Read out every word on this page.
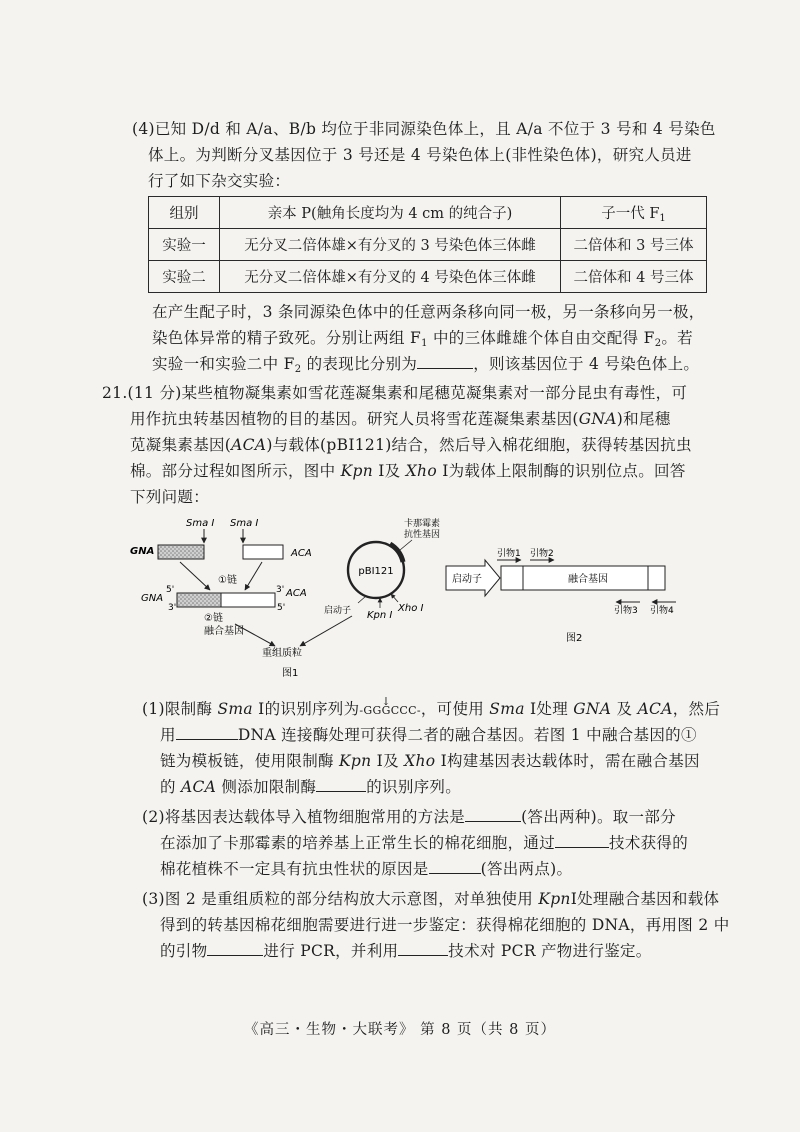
(4)已知 D/d 和 A/a、B/b 均位于非同源染色体上，且 A/a 不位于 3 号和 4 号染色
体上。为判断分叉基因位于 3 号还是 4 号染色体上(非性染色体)，研究人员进
行了如下杂交实验：
组别	亲本 P(触角长度均为 4 cm 的纯合子)	子一代 $F_1$
实验一	无分叉二倍体雄×有分叉的 3 号染色体三体雌	二倍体和 3 号三体
实验二	无分叉二倍体雄×有分叉的 4 号染色体三体雌	二倍体和 4 号三体
在产生配子时，3 条同源染色体中的任意两条移向同一极，另一条移向另一极，
染色体异常的精子致死。分别让两组 $F_1$ 中的三体雌雄个体自由交配得 $F_2$。若
实验一和实验二中 $F_2$ 的表现比分别为	，则该基因位于 4 号染色体上。
21.(11 分)某些植物凝集素如雪花莲凝集素和尾穗苋凝集素对一部分昆虫有毒性，可
用作抗虫转基因植物的目的基因。研究人员将雪花莲凝集素基因(GNA)和尾穗
苋凝集素基因(ACA)与载体(pBI121)结合，然后导入棉花细胞，获得转基因抗虫
棉。部分过程如图所示，图中 Kpn Ⅰ及 Xho Ⅰ为载体上限制酶的识别位点。回答
下列问题：
Sma Ⅰ Sma Ⅰ
GNA	ACA
5'
①链
3'
GNA
3'	5'
ACA
②链
融合基因
pBI121
卡那霉素
抗性基因
启动子 Kpn Ⅰ
Xho Ⅰ
重组质粒
图1
引物1 引物2
启动子	融合基因
引物3 引物4
图2
(1)限制酶 Sma Ⅰ的识别序列为-GGG
↓
CCC-，可使用 Sma Ⅰ处理 GNA 及 ACA，然后
用	DNA 连接酶处理可获得二者的融合基因。若图 1 中融合基因的①
链为模板链，使用限制酶 Kpn Ⅰ及 Xho Ⅰ构建基因表达载体时，需在融合基因
的 ACA 侧添加限制酶	的识别序列。
(2)将基因表达载体导入植物细胞常用的方法是	(答出两种)。取一部分
在添加了卡那霉素的培养基上正常生长的棉花细胞，通过	技术获得的
棉花植株不一定具有抗虫性状的原因是	(答出两点)。
(3)图 2 是重组质粒的部分结构放大示意图，对单独使用 KpnⅠ处理融合基因和载体
得到的转基因棉花细胞需要进行进一步鉴定：获得棉花细胞的 DNA，再用图 2 中
的引物	进行 PCR，并利用	技术对 PCR 产物进行鉴定。
《高三・生物・大联考》 第 8 页（共 8 页）
